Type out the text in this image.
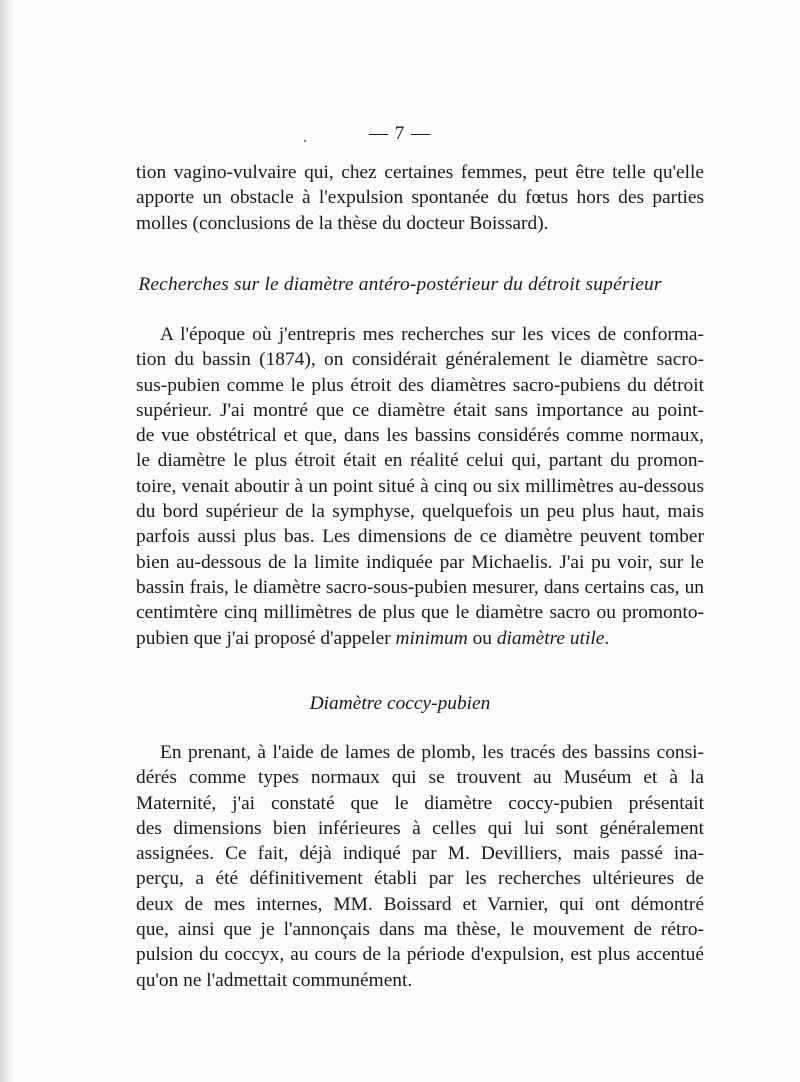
— 7 —
tion vagino-vulvaire qui, chez certaines femmes, peut être telle qu'elle
apporte un obstacle à l'expulsion spontanée du fœtus hors des parties
molles (conclusions de la thèse du docteur Boissard).
Recherches sur le diamètre antéro-postérieur du détroit supérieur
A l'époque où j'entrepris mes recherches sur les vices de conforma-
tion du bassin (1874), on considérait généralement le diamètre sacro-
sus-pubien comme le plus étroit des diamètres sacro-pubiens du détroit
supérieur. J'ai montré que ce diamètre était sans importance au point-
de vue obstétrical et que, dans les bassins considérés comme normaux,
le diamètre le plus étroit était en réalité celui qui, partant du promon-
toire, venait aboutir à un point situé à cinq ou six millimètres au-dessous
du bord supérieur de la symphyse, quelquefois un peu plus haut, mais
parfois aussi plus bas. Les dimensions de ce diamètre peuvent tomber
bien au-dessous de la limite indiquée par Michaelis. J'ai pu voir, sur le
bassin frais, le diamètre sacro-sous-pubien mesurer, dans certains cas, un
centimtère cinq millimètres de plus que le diamètre sacro ou promonto-
pubien que j'ai proposé d'appeler minimum ou diamètre utile.
Diamètre coccy-pubien
En prenant, à l'aide de lames de plomb, les tracés des bassins consi-
dérés comme types normaux qui se trouvent au Muséum et à la
Maternité, j'ai constaté que le diamètre coccy-pubien présentait
des dimensions bien inférieures à celles qui lui sont généralement
assignées. Ce fait, déjà indiqué par M. Devilliers, mais passé ina-
perçu, a été définitivement établi par les recherches ultérieures de
deux de mes internes, MM. Boissard et Varnier, qui ont démontré
que, ainsi que je l'annonçais dans ma thèse, le mouvement de rétro-
pulsion du coccyx, au cours de la période d'expulsion, est plus accentué
qu'on ne l'admettait communément.
